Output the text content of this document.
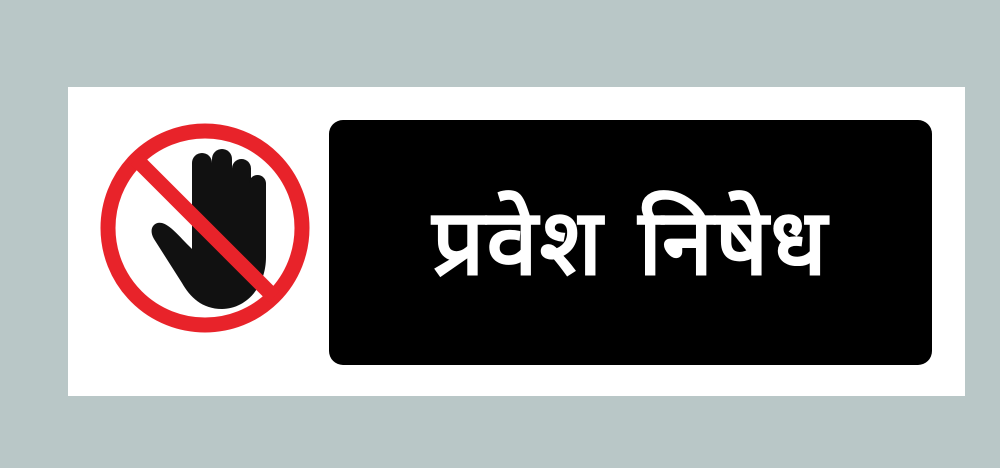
प्रवेश निषेध
